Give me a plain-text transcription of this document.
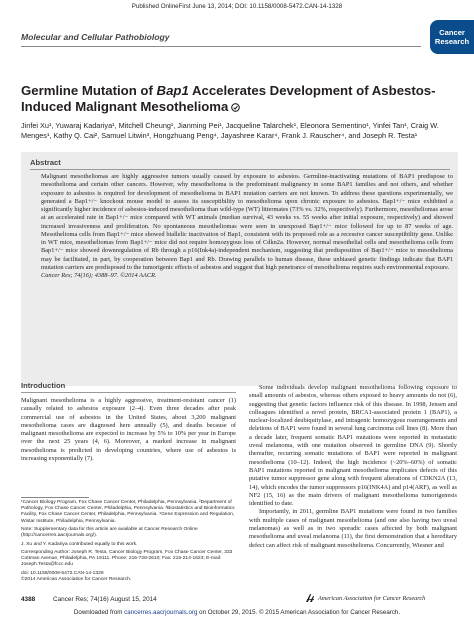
Published OnlineFirst June 13, 2014; DOI: 10.1158/0008-5472.CAN-14-1328
Molecular and Cellular Pathobiology	Cancer
Research
Germline Mutation of Bap1 Accelerates Development of Asbestos-Induced Malignant Mesothelioma
Jinfei Xu¹, Yuwaraj Kadariya¹, Mitchell Cheung¹, Jianming Pei¹, Jacqueline Talarchek¹, Eleonora Sementino¹, Yinfei Tan¹, Craig W. Menges¹, Kathy Q. Cai², Samuel Litwin³, Hongzhuang Peng⁴, Jayashree Karar⁴, Frank J. Rauscher⁴, and Joseph R. Testa¹
Abstract
Malignant mesotheliomas are highly aggressive tumors usually caused by exposure to asbestos. Germline-inactivating mutations of BAP1 predispose to mesothelioma and certain other cancers. However, why mesothelioma is the predominant malignancy in some BAP1 families and not others, and whether exposure to asbestos is required for development of mesothelioma in BAP1 mutation carriers are not known. To address these questions experimentally, we generated a Bap1+/− knockout mouse model to assess its susceptibility to mesothelioma upon chronic exposure to asbestos. Bap1+/− mice exhibited a significantly higher incidence of asbestos-induced mesothelioma than wild-type (WT) littermates (73% vs. 32%, respectively). Furthermore, mesotheliomas arose at an accelerated rate in Bap1+/− mice compared with WT animals (median survival, 43 weeks vs. 55 weeks after initial exposure, respectively) and showed increased invasiveness and proliferation. No spontaneous mesotheliomas were seen in unexposed Bap1+/− mice followed for up to 87 weeks of age. Mesothelioma cells from Bap1+/− mice showed biallelic inactivation of Bap1, consistent with its proposed role as a recessive cancer susceptibility gene. Unlike in WT mice, mesotheliomas from Bap1+/− mice did not require homozygous loss of Cdkn2a. However, normal mesothelial cells and mesothelioma cells from Bap1+/− mice showed downregulation of Rb through a p16(Ink4a)-independent mechanism, suggesting that predisposition of Bap1+/− mice to mesothelioma may be facilitated, in part, by cooperation between Bap1 and Rb. Drawing parallels to human disease, these unbiased genetic findings indicate that BAP1 mutation carriers are predisposed to the tumorigenic effects of asbestos and suggest that high penetrance of mesothelioma requires such environmental exposure.
Cancer Res; 74(16); 4388–97. ©2014 AACR.
Introduction
Malignant mesothelioma is a highly aggressive, treatment-resistant cancer (1) causally related to asbestos exposure (2–4). Even three decades after peak commercial use of asbestos in the United States, about 3,200 malignant mesothelioma cases are diagnosed here annually (5), and deaths because of malignant mesothelioma are expected to increase by 5% to 10% per year in Europe over the next 25 years (4, 6). Moreover, a marked increase in malignant mesothelioma is predicted in developing countries, where use of asbestos is increasing exponentially (7).
Some individuals develop malignant mesothelioma following exposure to small amounts of asbestos, whereas others exposed to heavy amounts do not (6), suggesting that genetic factors influence risk of this disease. In 1998, Jensen and colleagues identified a novel protein, BRCA1-associated protein 1 (BAP1), a nuclear-localized deubiquitylase, and intragenic homozygous rearrangements and deletions of BAP1 were found in several lung carcinoma cell lines (8). More than a decade later, frequent somatic BAP1 mutations were reported in metastatic uveal melanoma, with one mutation observed in germline DNA (9). Shortly thereafter, recurring somatic mutations of BAP1 were reported in malignant mesothelioma (10–12). Indeed, the high incidence (~20%–60%) of somatic BAP1 mutations reported in malignant mesothelioma implicates defects of this putative tumor suppressor gene along with frequent alterations of CDKN2A (13, 14), which encodes the tumor suppressors p16(INK4A) and p14(ARF), as well as NF2 (15, 16) as the main drivers of malignant mesothelioma tumorigenesis identified to date.
Importantly, in 2011, germline BAP1 mutations were found in two families with multiple cases of malignant mesothelioma (and one also having two uveal melanomas) as well as in two sporadic cases affected by both malignant mesothelioma and uveal melanoma (11), the first demonstration that a hereditary defect can affect risk of malignant mesothelioma. Concurrently, Wiesner and

¹Cancer Biology Program, Fox Chase Cancer Center, Philadelphia, Pennsylvania. ²Department of Pathology, Fox Chase Cancer Center, Philadelphia, Pennsylvania. ³Biostatistics and Bioinformatics Facility, Fox Chase Cancer Center, Philadelphia, Pennsylvania. ⁴Gene Expression and Regulation, Wistar Institute, Philadelphia, Pennsylvania.

Note: Supplementary data for this article are available at Cancer Research Online (http://cancerres.aacrjournals.org/).

J. Xu and Y. Kadariya contributed equally to this work.

Corresponding Author: Joseph R. Testa, Cancer Biology Program, Fox Chase Cancer Center, 333 Cottman Avenue, Philadelphia, PA 19111. Phone: 215-728-2610; Fax: 215-214-1623; E-mail: Joseph.Testa@fccc.edu

doi: 10.1158/0008-5472.CAN-14-1328

©2014 American Association for Cancer Research.

4388	Cancer Res; 74(16) August 15, 2014	American Association for Cancer Research
Downloaded from cancerres.aacrjournals.org on October 29, 2015. © 2015 American Association for Cancer Research.
